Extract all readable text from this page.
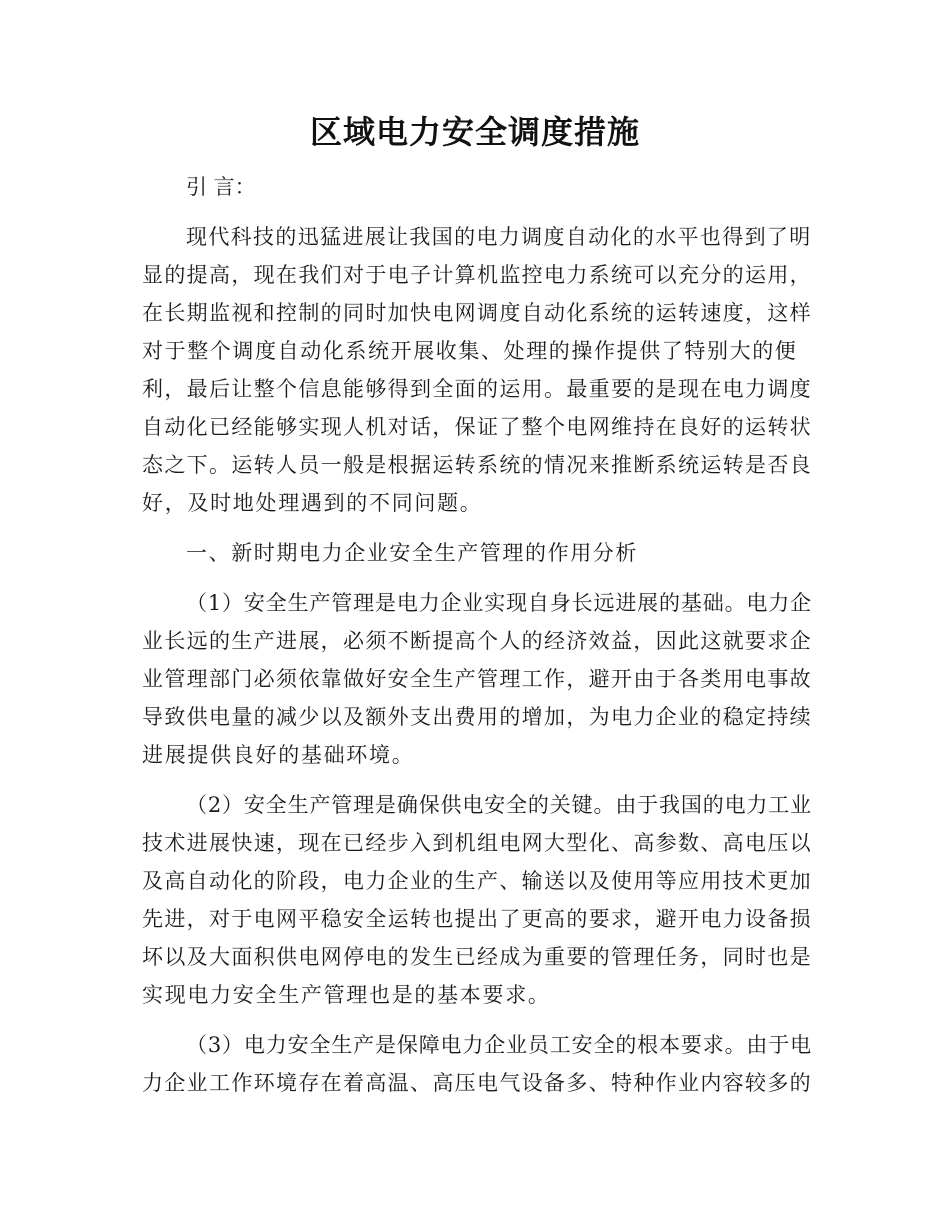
区域电力安全调度措施
引 言：
现代科技的迅猛进展让我国的电力调度自动化的水平也得到了明
显的提高，现在我们对于电子计算机监控电力系统可以充分的运用，
在长期监视和控制的同时加快电网调度自动化系统的运转速度，这样
对于整个调度自动化系统开展收集、处理的操作提供了特别大的便
利，最后让整个信息能够得到全面的运用。最重要的是现在电力调度
自动化已经能够实现人机对话，保证了整个电网维持在良好的运转状
态之下。运转人员一般是根据运转系统的情况来推断系统运转是否良
好，及时地处理遇到的不同问题。
一、新时期电力企业安全生产管理的作用分析
（1）安全生产管理是电力企业实现自身长远进展的基础。电力企
业长远的生产进展，必须不断提高个人的经济效益，因此这就要求企
业管理部门必须依靠做好安全生产管理工作，避开由于各类用电事故
导致供电量的减少以及额外支出费用的增加，为电力企业的稳定持续
进展提供良好的基础环境。
（2）安全生产管理是确保供电安全的关键。由于我国的电力工业
技术进展快速，现在已经步入到机组电网大型化、高参数、高电压以
及高自动化的阶段，电力企业的生产、输送以及使用等应用技术更加
先进，对于电网平稳安全运转也提出了更高的要求，避开电力设备损
坏以及大面积供电网停电的发生已经成为重要的管理任务，同时也是
实现电力安全生产管理也是的基本要求。
（3）电力安全生产是保障电力企业员工安全的根本要求。由于电
力企业工作环境存在着高温、高压电气设备多、特种作业内容较多的
